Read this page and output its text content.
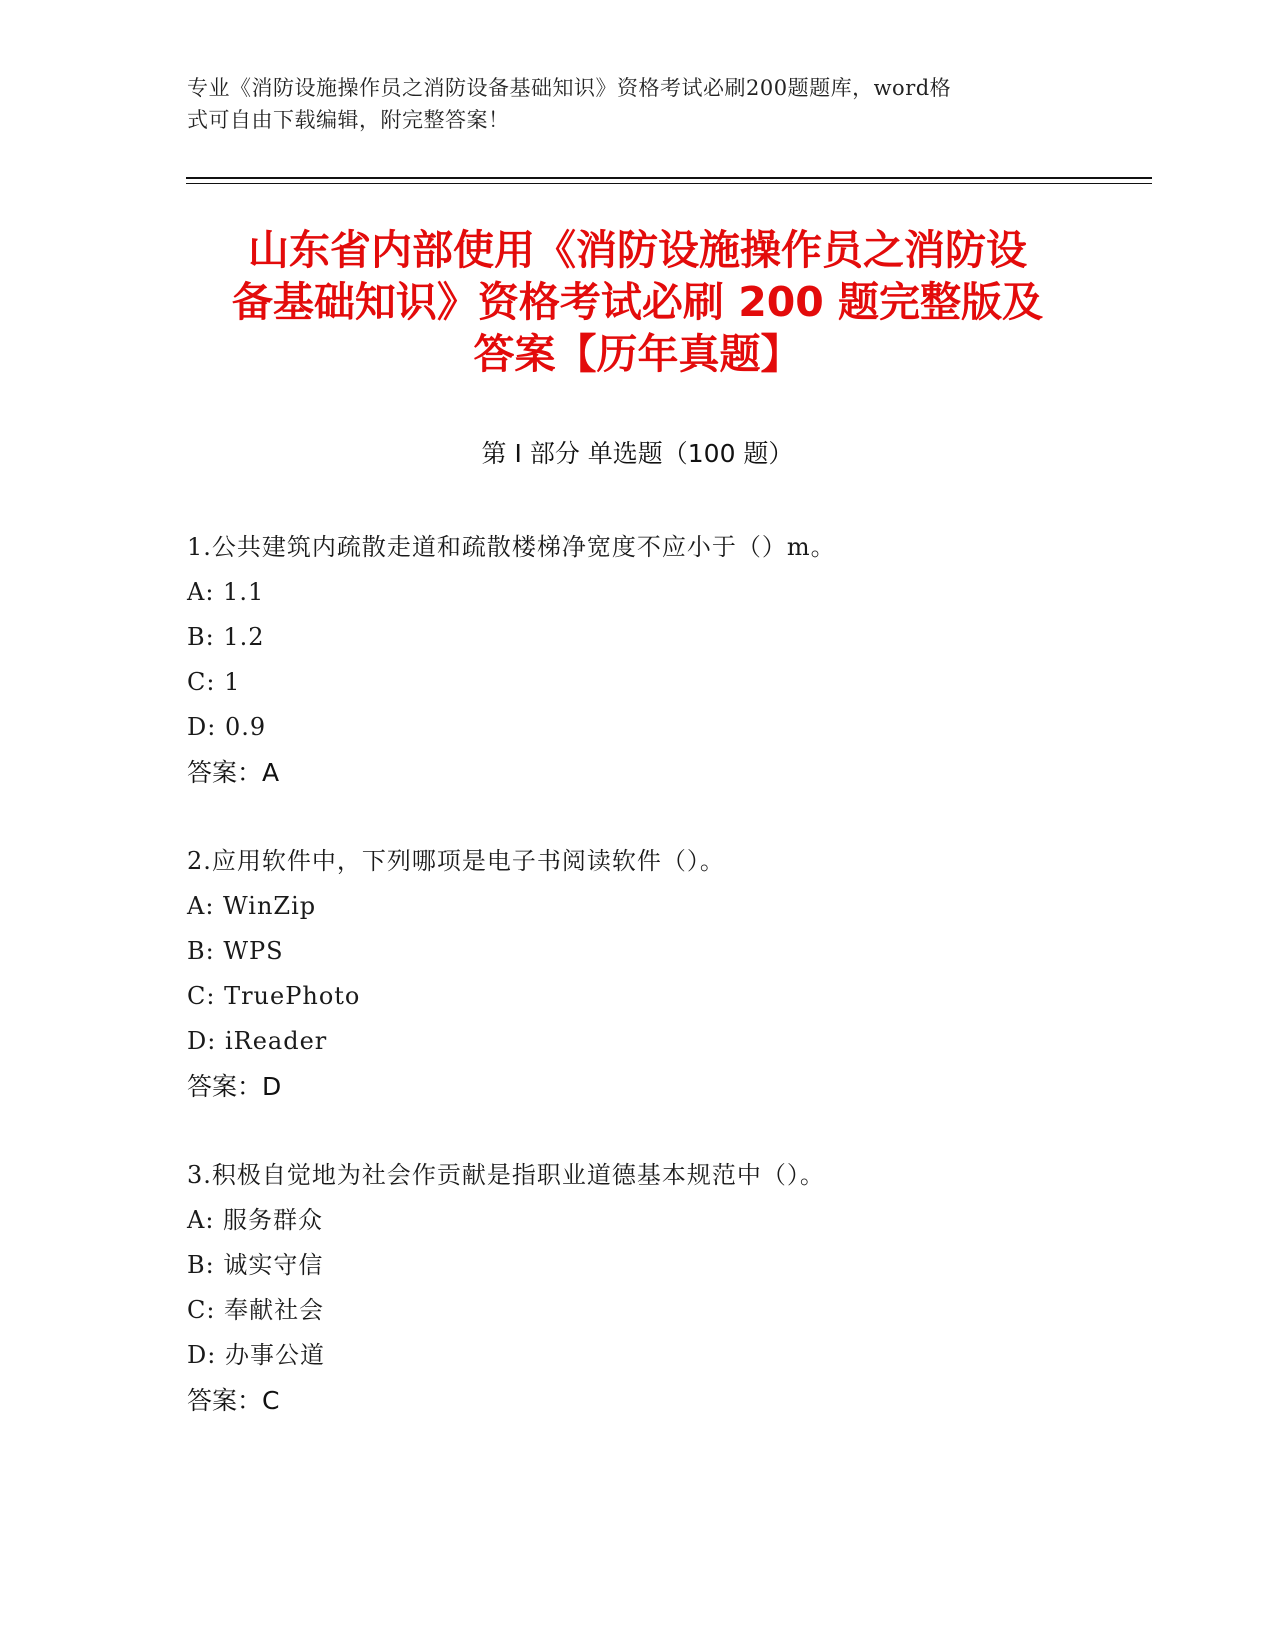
专业《消防设施操作员之消防设备基础知识》资格考试必刷200题题库，word格
式可自由下载编辑，附完整答案！
山东省内部使用《消防设施操作员之消防设
备基础知识》资格考试必刷 200 题完整版及
答案【历年真题】
第 I 部分 单选题（100 题）
1.公共建筑内疏散走道和疏散楼梯净宽度不应小于（）m。
A: 1.1
B: 1.2
C: 1
D: 0.9
答案：A
2.应用软件中，下列哪项是电子书阅读软件（）。
A: WinZip
B: WPS
C: TruePhoto
D: iReader
答案：D
3.积极自觉地为社会作贡献是指职业道德基本规范中（）。
A: 服务群众
B: 诚实守信
C: 奉献社会
D: 办事公道
答案：C
